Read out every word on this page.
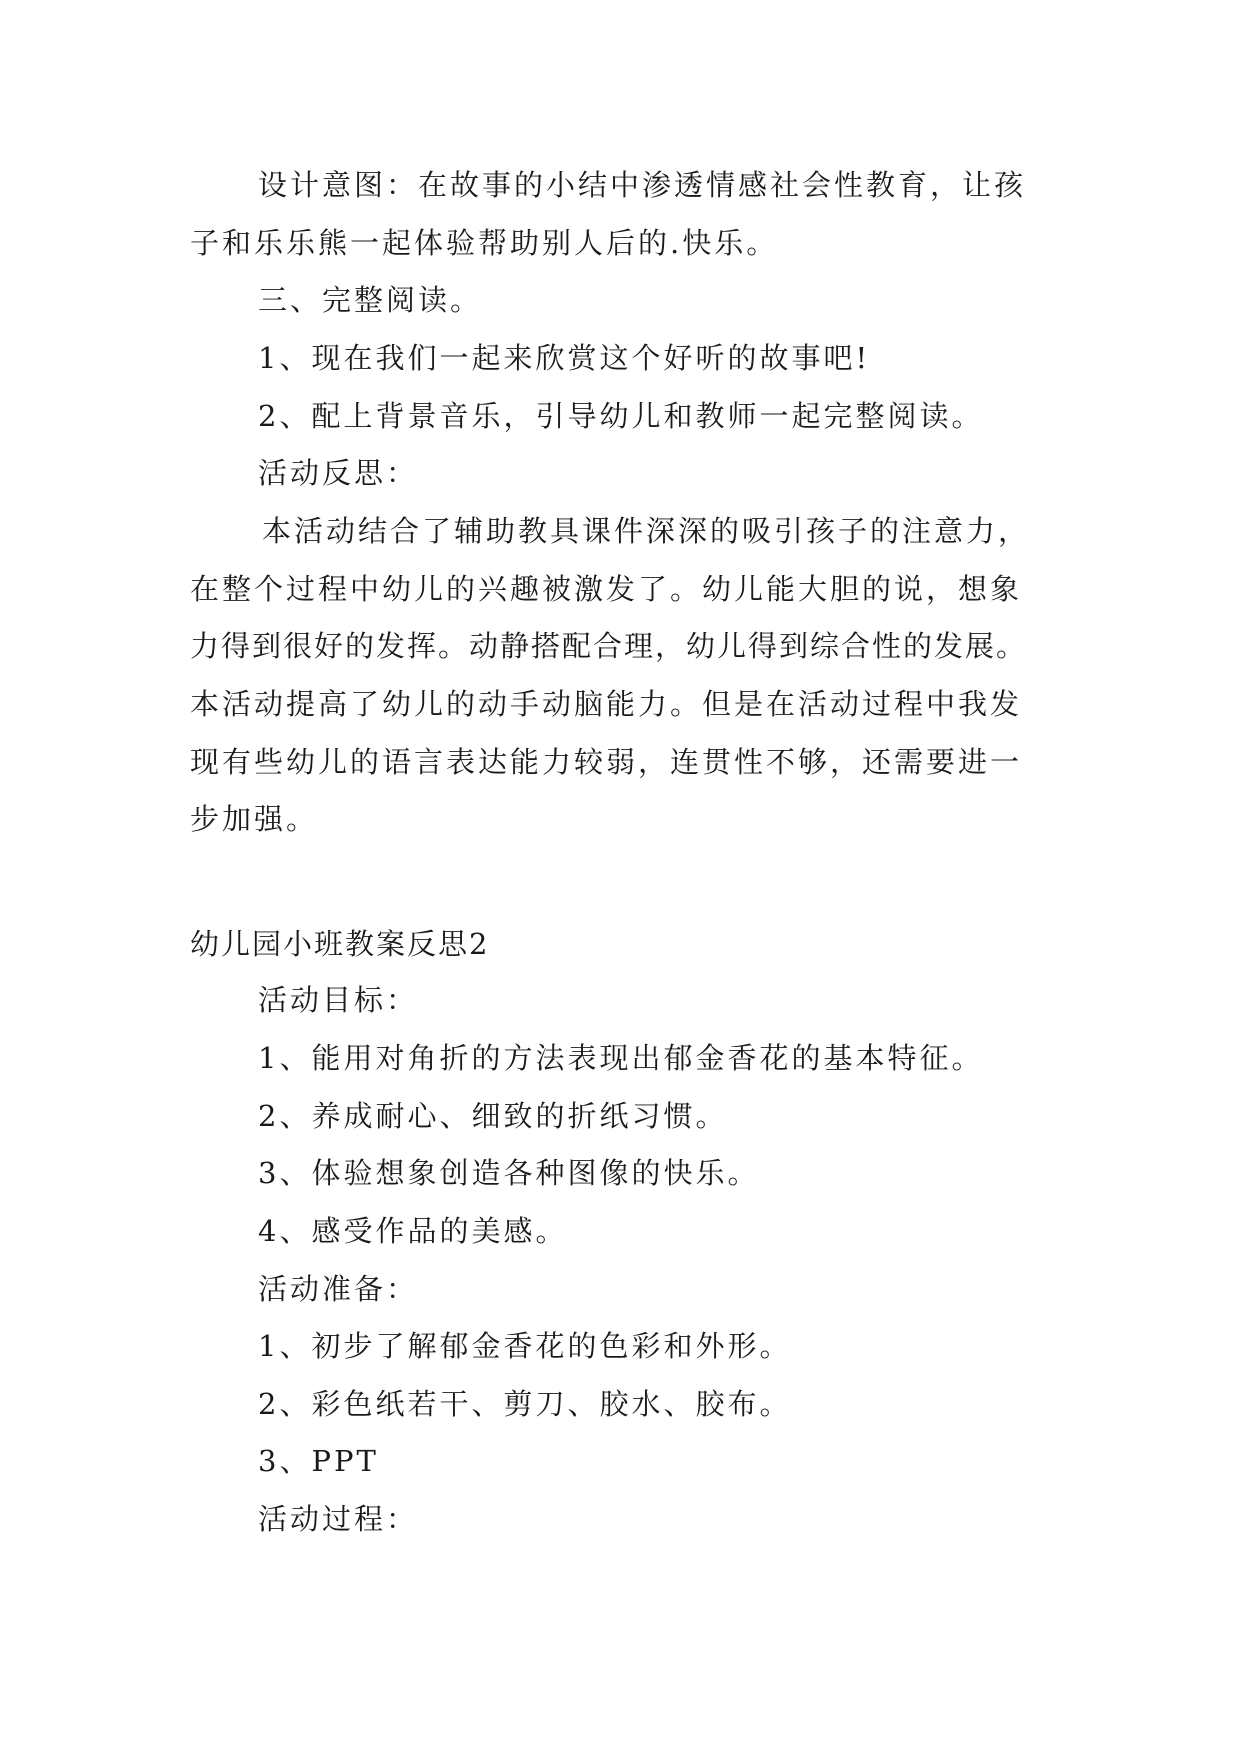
设计意图：在故事的小结中渗透情感社会性教育，让孩
子和乐乐熊一起体验帮助别人后的.快乐。
三、完整阅读。
1、现在我们一起来欣赏这个好听的故事吧!
2、配上背景音乐，引导幼儿和教师一起完整阅读。
活动反思：
本活动结合了辅助教具课件深深的吸引孩子的注意力，
在整个过程中幼儿的兴趣被激发了。幼儿能大胆的说，想象
力得到很好的发挥。动静搭配合理，幼儿得到综合性的发展。
本活动提高了幼儿的动手动脑能力。但是在活动过程中我发
现有些幼儿的语言表达能力较弱，连贯性不够，还需要进一
步加强。
幼儿园小班教案反思2
活动目标：
1、能用对角折的方法表现出郁金香花的基本特征。
2、养成耐心、细致的折纸习惯。
3、体验想象创造各种图像的快乐。
4、感受作品的美感。
活动准备：
1、初步了解郁金香花的色彩和外形。
2、彩色纸若干、剪刀、胶水、胶布。
3、PPT
活动过程：
